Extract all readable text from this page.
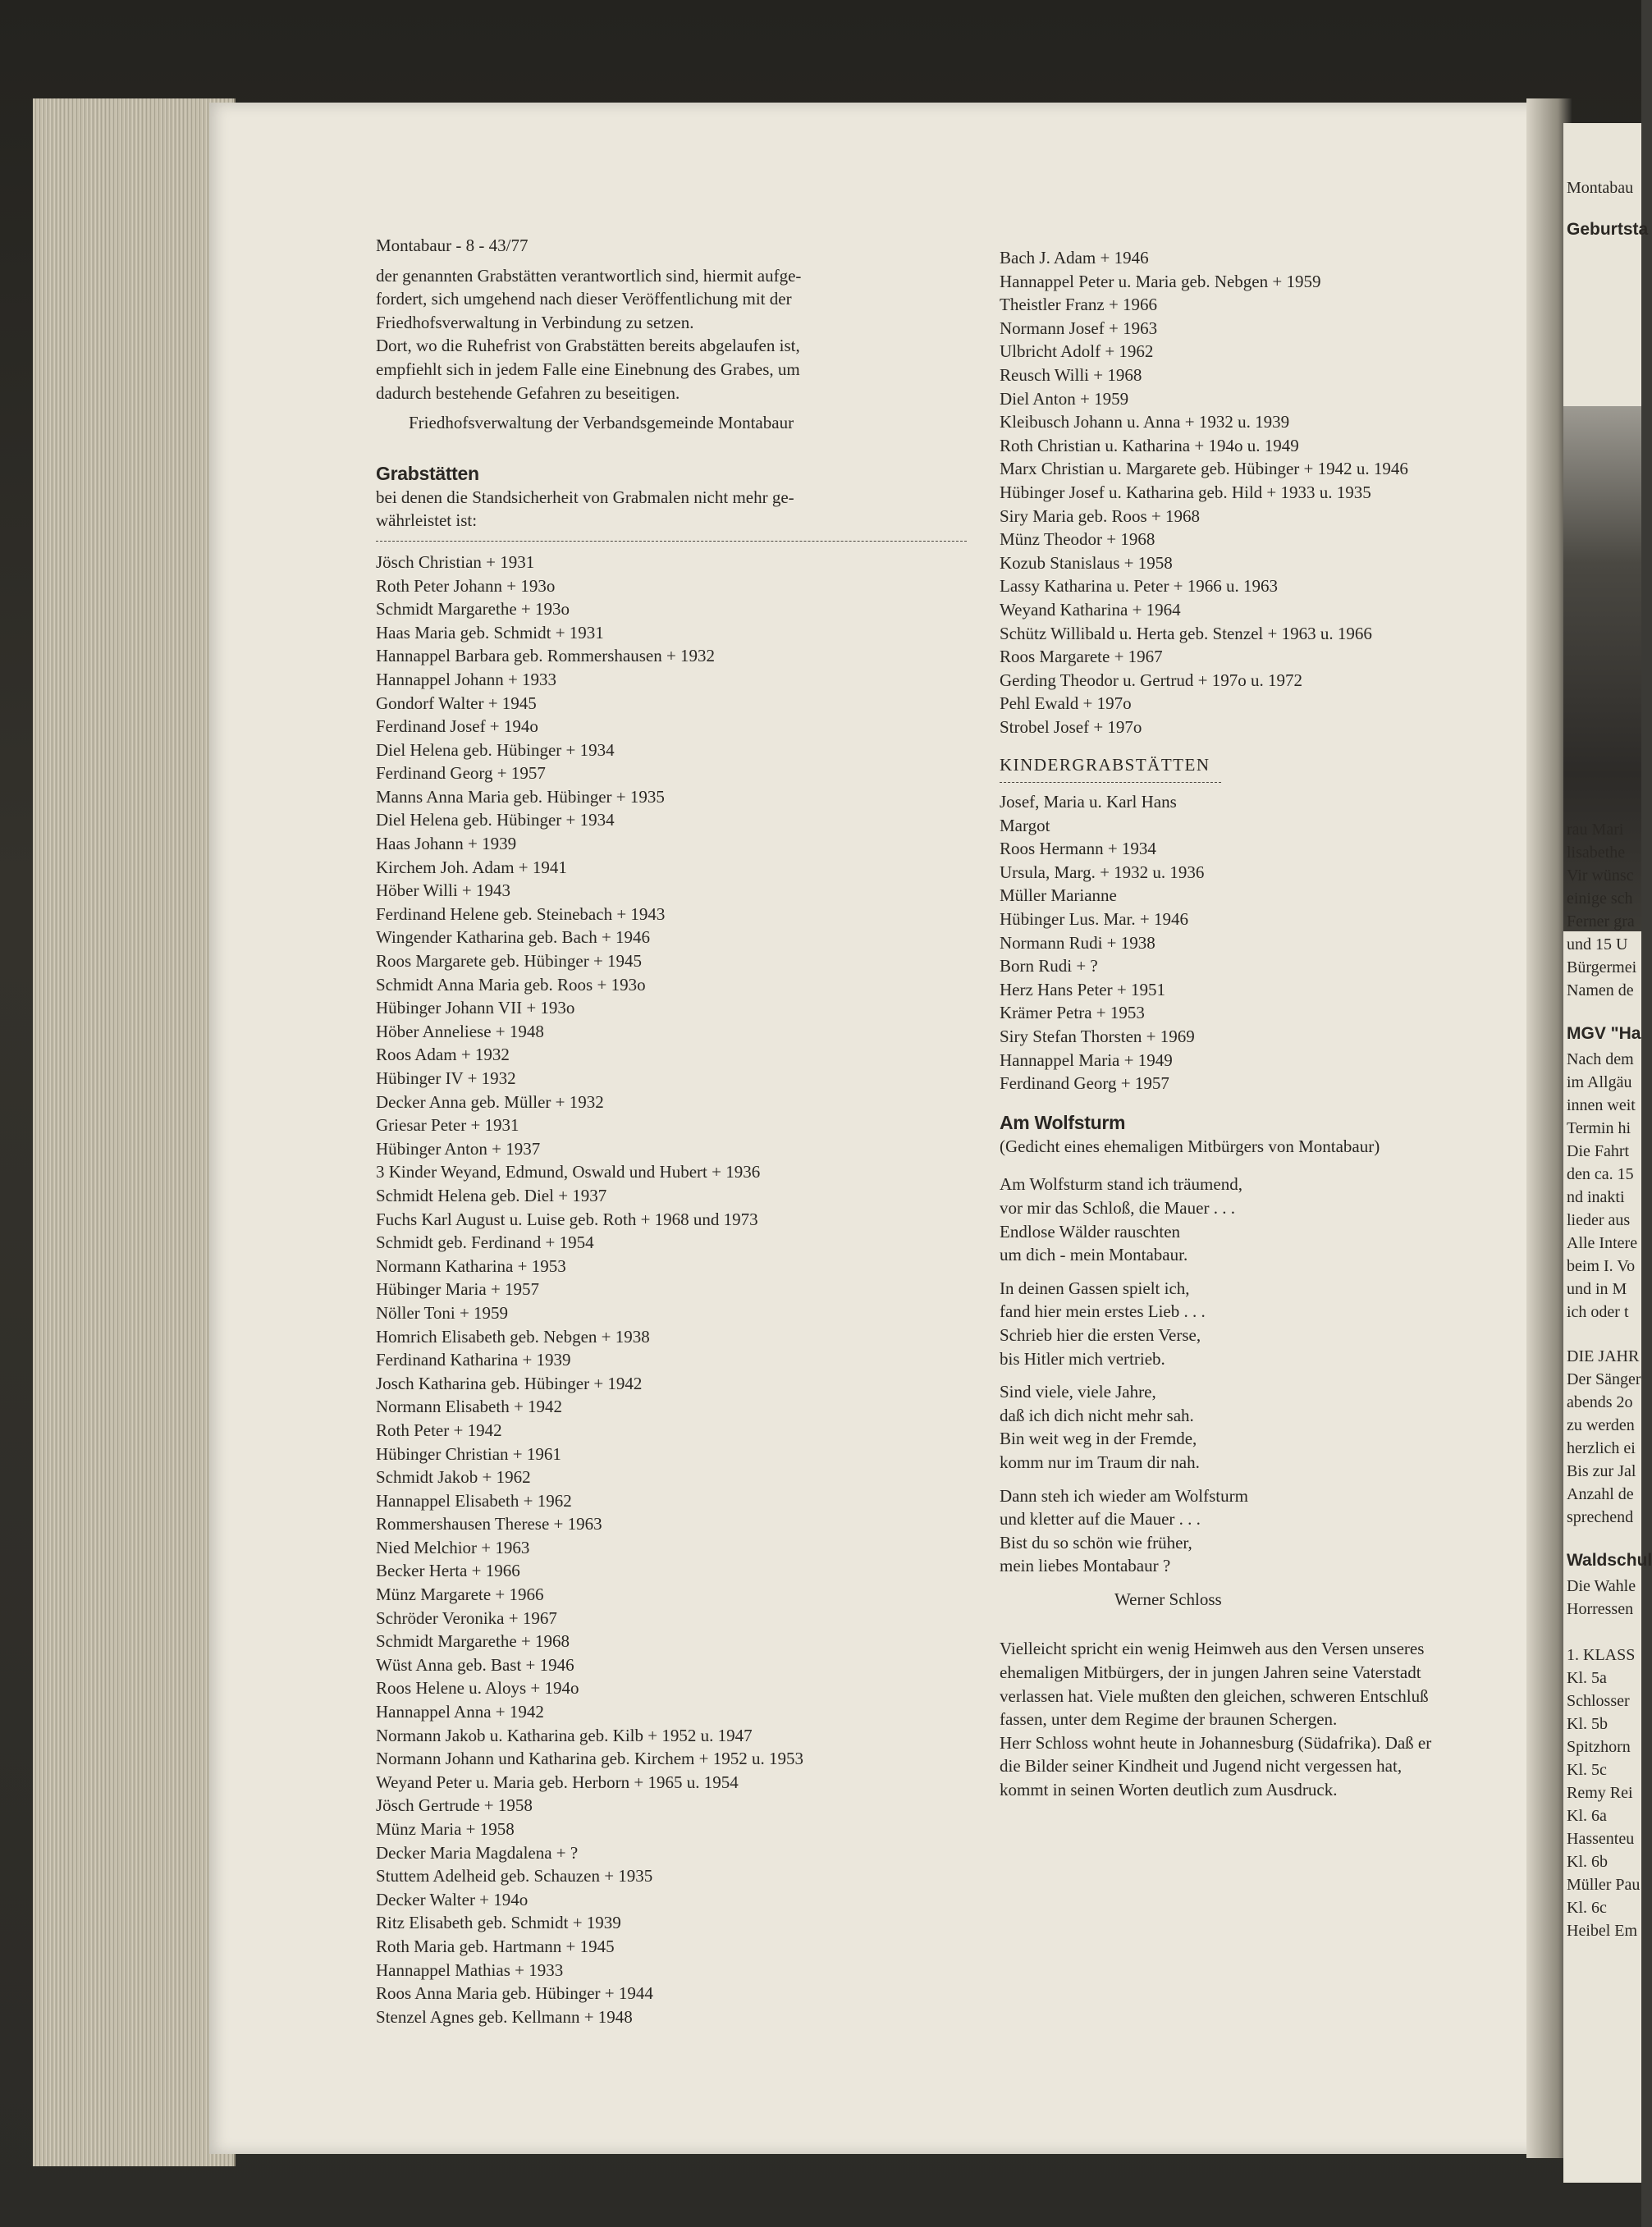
Montabau
Geburtsta
rau Mari
lisabethe
Vir wünsc
einige sch
Ferner gra
und 15 U
Bürgermei
Namen de
MGV "Ha
Nach dem
im Allgäu
innen weit
Termin hi
Die Fahrt
den ca. 15
nd inakti
lieder aus
Alle Intere
beim I. Vo
und in M
ich oder t
DIE JAHR
Der Sänger
abends 2o
zu werden
herzlich ei
Bis zur Jal
Anzahl de
sprechend
Waldschul
Die Wahle
Horressen
1. KLASS
Kl. 5a
Schlosser
Kl. 5b
Spitzhorn
Kl. 5c
Remy Rei
Kl. 6a
Hassenteu
Kl. 6b
Müller Pau
Kl. 6c
Heibel Em
Montabaur - 8 - 43/77
der genannten Grabstätten verantwortlich sind, hiermit aufge-
fordert, sich umgehend nach dieser Veröffentlichung mit der
Friedhofsverwaltung in Verbindung zu setzen.
Dort, wo die Ruhefrist von Grabstätten bereits abgelaufen ist,
empfiehlt sich in jedem Falle eine Einebnung des Grabes, um
dadurch bestehende Gefahren zu beseitigen.
Friedhofsverwaltung der Verbandsgemeinde Montabaur
Grabstätten
bei denen die Standsicherheit von Grabmalen nicht mehr ge-
währleistet ist:
Jösch Christian + 1931
Roth Peter Johann + 193o
Schmidt Margarethe + 193o
Haas Maria geb. Schmidt + 1931
Hannappel Barbara geb. Rommershausen + 1932
Hannappel Johann + 1933
Gondorf Walter + 1945
Ferdinand Josef + 194o
Diel Helena geb. Hübinger + 1934
Ferdinand Georg + 1957
Manns Anna Maria geb. Hübinger + 1935
Diel Helena geb. Hübinger + 1934
Haas Johann + 1939
Kirchem Joh. Adam + 1941
Höber Willi + 1943
Ferdinand Helene geb. Steinebach + 1943
Wingender Katharina geb. Bach + 1946
Roos Margarete geb. Hübinger + 1945
Schmidt Anna Maria geb. Roos + 193o
Hübinger Johann VII + 193o
Höber Anneliese + 1948
Roos Adam + 1932
Hübinger IV + 1932
Decker Anna geb. Müller + 1932
Griesar Peter + 1931
Hübinger Anton + 1937
3 Kinder Weyand, Edmund, Oswald und Hubert + 1936
Schmidt Helena geb. Diel + 1937
Fuchs Karl August u. Luise geb. Roth + 1968 und 1973
Schmidt geb. Ferdinand + 1954
Normann Katharina + 1953
Hübinger Maria + 1957
Nöller Toni + 1959
Homrich Elisabeth geb. Nebgen + 1938
Ferdinand Katharina + 1939
Josch Katharina geb. Hübinger + 1942
Normann Elisabeth + 1942
Roth Peter + 1942
Hübinger Christian + 1961
Schmidt Jakob + 1962
Hannappel Elisabeth + 1962
Rommershausen Therese + 1963
Nied Melchior + 1963
Becker Herta + 1966
Münz Margarete + 1966
Schröder Veronika + 1967
Schmidt Margarethe + 1968
Wüst Anna geb. Bast + 1946
Roos Helene u. Aloys + 194o
Hannappel Anna + 1942
Normann Jakob u. Katharina geb. Kilb + 1952 u. 1947
Normann Johann und Katharina geb. Kirchem + 1952 u. 1953
Weyand Peter u. Maria geb. Herborn + 1965 u. 1954
Jösch Gertrude + 1958
Münz Maria + 1958
Decker Maria Magdalena + ?
Stuttem Adelheid geb. Schauzen + 1935
Decker Walter + 194o
Ritz Elisabeth geb. Schmidt + 1939
Roth Maria geb. Hartmann + 1945
Hannappel Mathias + 1933
Roos Anna Maria geb. Hübinger + 1944
Stenzel Agnes geb. Kellmann + 1948
Bach J. Adam + 1946
Hannappel Peter u. Maria geb. Nebgen + 1959
Theistler Franz + 1966
Normann Josef + 1963
Ulbricht Adolf + 1962
Reusch Willi + 1968
Diel Anton + 1959
Kleibusch Johann u. Anna + 1932 u. 1939
Roth Christian u. Katharina + 194o u. 1949
Marx Christian u. Margarete geb. Hübinger + 1942 u. 1946
Hübinger Josef u. Katharina geb. Hild + 1933 u. 1935
Siry Maria geb. Roos + 1968
Münz Theodor + 1968
Kozub Stanislaus + 1958
Lassy Katharina u. Peter + 1966 u. 1963
Weyand Katharina + 1964
Schütz Willibald u. Herta geb. Stenzel + 1963 u. 1966
Roos Margarete + 1967
Gerding Theodor u. Gertrud + 197o u. 1972
Pehl Ewald + 197o
Strobel Josef + 197o
KINDERGRABSTÄTTEN
Josef, Maria u. Karl Hans
Margot
Roos Hermann + 1934
Ursula, Marg. + 1932 u. 1936
Müller Marianne
Hübinger Lus. Mar. + 1946
Normann Rudi + 1938
Born Rudi + ?
Herz Hans Peter + 1951
Krämer Petra + 1953
Siry Stefan Thorsten + 1969
Hannappel Maria + 1949
Ferdinand Georg + 1957
Am Wolfsturm
(Gedicht eines ehemaligen Mitbürgers von Montabaur)
Am Wolfsturm stand ich träumend,
vor mir das Schloß, die Mauer . . .
Endlose Wälder rauschten
um dich - mein Montabaur.
In deinen Gassen spielt ich,
fand hier mein erstes Lieb . . .
Schrieb hier die ersten Verse,
bis Hitler mich vertrieb.
Sind viele, viele Jahre,
daß ich dich nicht mehr sah.
Bin weit weg in der Fremde,
komm nur im Traum dir nah.
Dann steh ich wieder am Wolfsturm
und kletter auf die Mauer . . .
Bist du so schön wie früher,
mein liebes Montabaur ?
Werner Schloss
Vielleicht spricht ein wenig Heimweh aus den Versen unseres
ehemaligen Mitbürgers, der in jungen Jahren seine Vaterstadt
verlassen hat. Viele mußten den gleichen, schweren Entschluß
fassen, unter dem Regime der braunen Schergen.
Herr Schloss wohnt heute in Johannesburg (Südafrika). Daß er
die Bilder seiner Kindheit und Jugend nicht vergessen hat,
kommt in seinen Worten deutlich zum Ausdruck.
